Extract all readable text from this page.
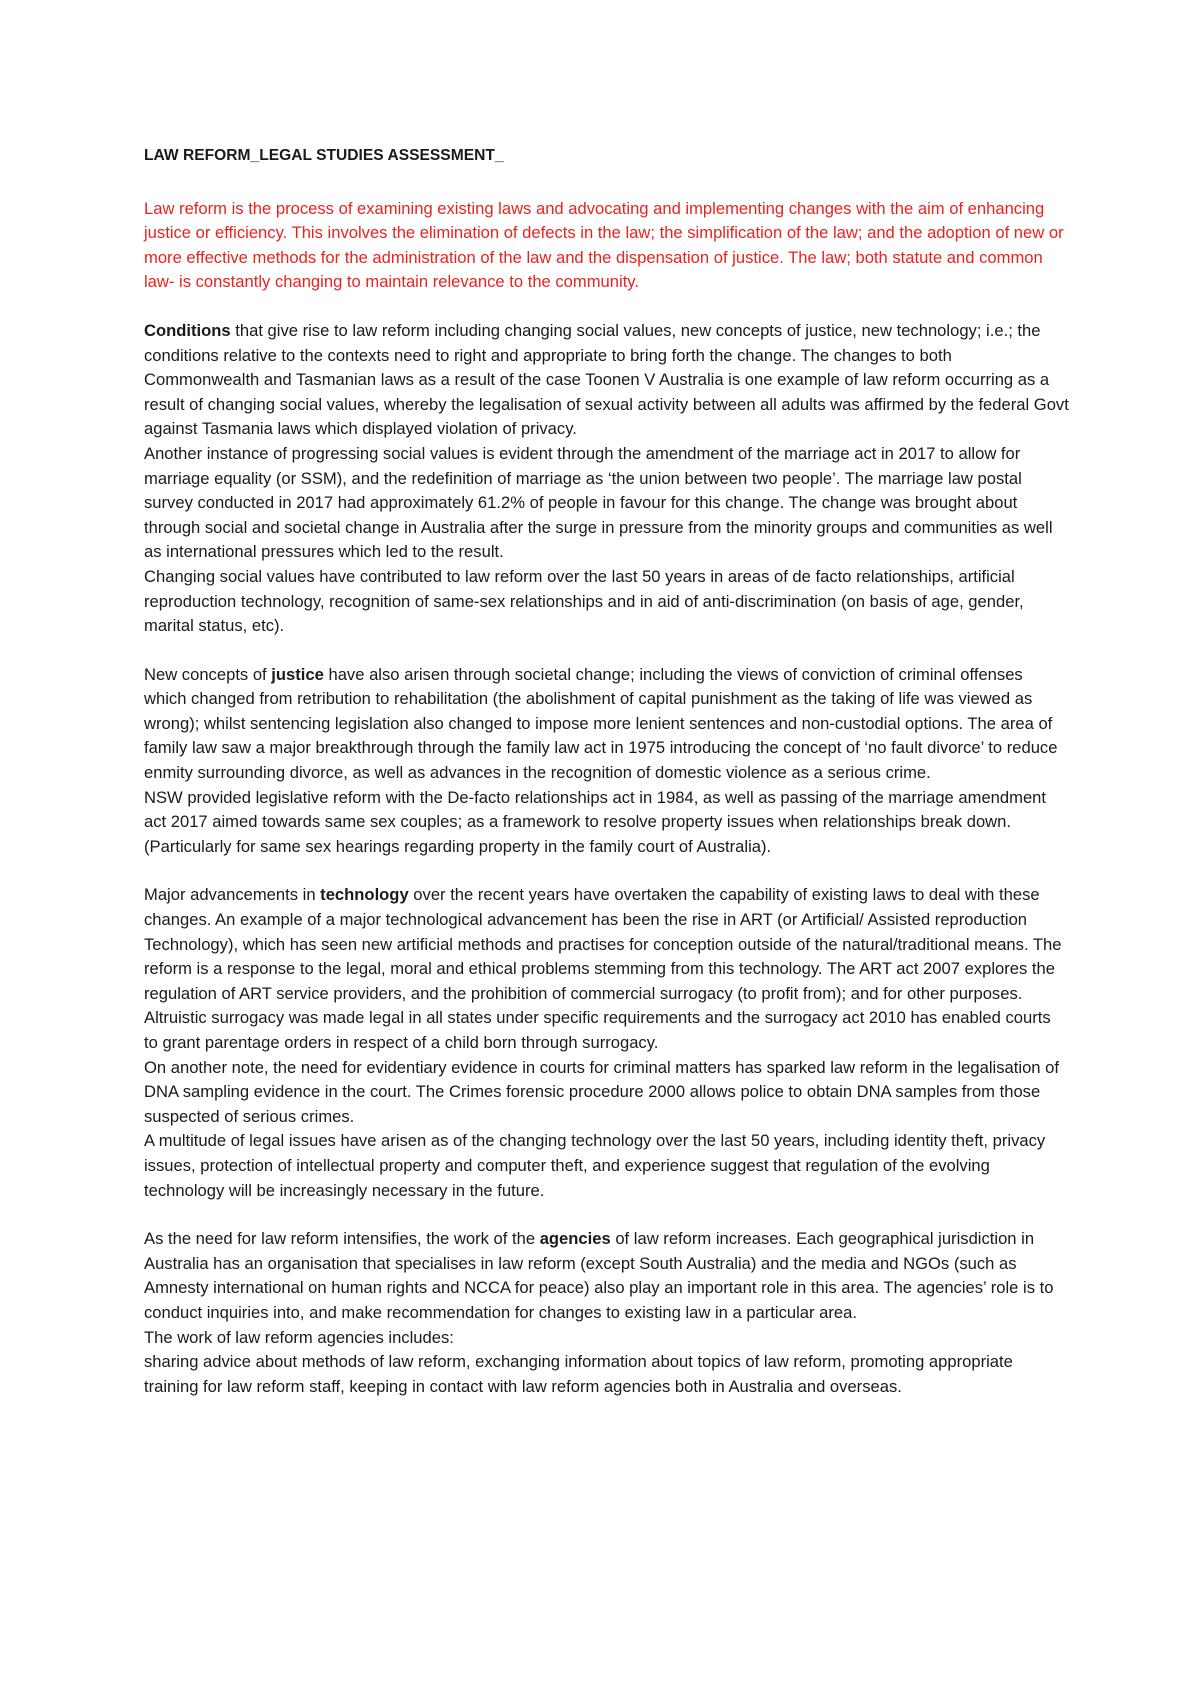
LAW REFORM_LEGAL STUDIES ASSESSMENT_

Law reform is the process of examining existing laws and advocating and implementing changes with the aim of enhancing justice or efficiency. This involves the elimination of defects in the law; the simplification of the law; and the adoption of new or more effective methods for the administration of the law and the dispensation of justice. The law; both statute and common law- is constantly changing to maintain relevance to the community.

Conditions that give rise to law reform including changing social values, new concepts of justice, new technology; i.e.; the conditions relative to the contexts need to right and appropriate to bring forth the change. The changes to both Commonwealth and Tasmanian laws as a result of the case Toonen V Australia is one example of law reform occurring as a result of changing social values, whereby the legalisation of sexual activity between all adults was affirmed by the federal Govt against Tasmania laws which displayed violation of privacy.

Another instance of progressing social values is evident through the amendment of the marriage act in 2017 to allow for marriage equality (or SSM), and the redefinition of marriage as ‘the union between two people’. The marriage law postal survey conducted in 2017 had approximately 61.2% of people in favour for this change. The change was brought about through social and societal change in Australia after the surge in pressure from the minority groups and communities as well as international pressures which led to the result.

Changing social values have contributed to law reform over the last 50 years in areas of de facto relationships, artificial reproduction technology, recognition of same-sex relationships and in aid of anti-discrimination (on basis of age, gender, marital status, etc).

New concepts of justice have also arisen through societal change; including the views of conviction of criminal offenses which changed from retribution to rehabilitation (the abolishment of capital punishment as the taking of life was viewed as wrong); whilst sentencing legislation also changed to impose more lenient sentences and non-custodial options. The area of family law saw a major breakthrough through the family law act in 1975 introducing the concept of ‘no fault divorce’ to reduce enmity surrounding divorce, as well as advances in the recognition of domestic violence as a serious crime.

NSW provided legislative reform with the De-facto relationships act in 1984, as well as passing of the marriage amendment act 2017 aimed towards same sex couples; as a framework to resolve property issues when relationships break down. (Particularly for same sex hearings regarding property in the family court of Australia).

Major advancements in technology over the recent years have overtaken the capability of existing laws to deal with these changes. An example of a major technological advancement has been the rise in ART (or Artificial/ Assisted reproduction Technology), which has seen new artificial methods and practises for conception outside of the natural/traditional means. The reform is a response to the legal, moral and ethical problems stemming from this technology. The ART act 2007 explores the regulation of ART service providers, and the prohibition of commercial surrogacy (to profit from); and for other purposes. Altruistic surrogacy was made legal in all states under specific requirements and the surrogacy act 2010 has enabled courts to grant parentage orders in respect of a child born through surrogacy.

On another note, the need for evidentiary evidence in courts for criminal matters has sparked law reform in the legalisation of DNA sampling evidence in the court. The Crimes forensic procedure 2000 allows police to obtain DNA samples from those suspected of serious crimes.

A multitude of legal issues have arisen as of the changing technology over the last 50 years, including identity theft, privacy issues, protection of intellectual property and computer theft, and experience suggest that regulation of the evolving technology will be increasingly necessary in the future.

As the need for law reform intensifies, the work of the agencies of law reform increases. Each geographical jurisdiction in Australia has an organisation that specialises in law reform (except South Australia) and the media and NGOs (such as Amnesty international on human rights and NCCA for peace) also play an important role in this area. The agencies’ role is to conduct inquiries into, and make recommendation for changes to existing law in a particular area.

The work of law reform agencies includes:

sharing advice about methods of law reform, exchanging information about topics of law reform, promoting appropriate training for law reform staff, keeping in contact with law reform agencies both in Australia and overseas.
